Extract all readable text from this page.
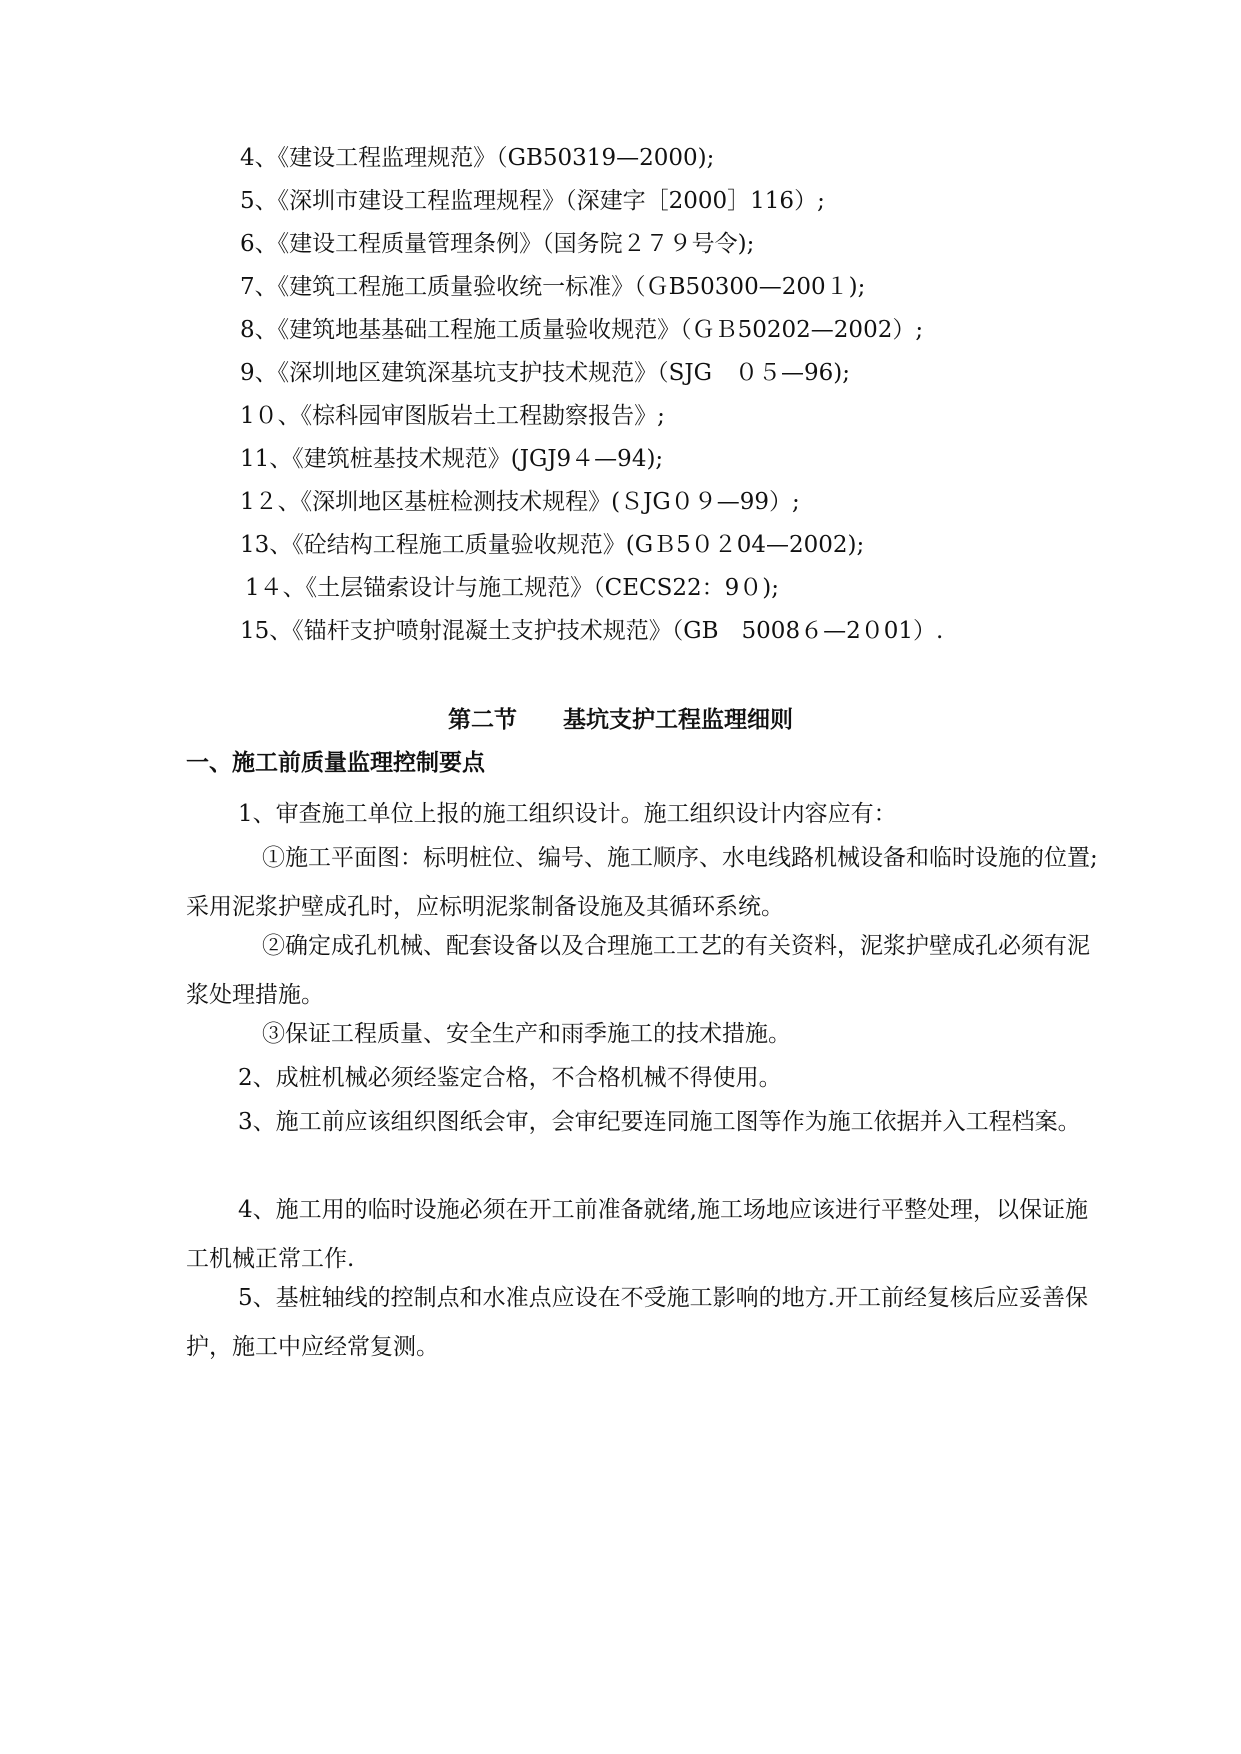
4、《建设工程监理规范》（GB50319—2000);
5、《深圳市建设工程监理规程》（深建字［2000］116）;
6、《建设工程质量管理条例》（国务院２７９号令);
7、《建筑工程施工质量验收统一标准》（ＧB50300—200１);
8、《建筑地基基础工程施工质量验收规范》（ＧＢ50202—2002）;
9、《深圳地区建筑深基坑支护技术规范》（SJG　０５—96);
1０、《棕科园审图版岩土工程勘察报告》;
11、《建筑桩基技术规范》(JGJ9４—94);
1２、《深圳地区基桩检测技术规程》(ＳJG０９—99）;
13、《砼结构工程施工质量验收规范》(GＢ5０２04—2002);
1４、《土层锚索设计与施工规范》（CECS22：9０);
15、《锚杆支护喷射混凝土支护技术规范》（GB　5008６—2０01）.
第二节　　基坑支护工程监理细则
一、施工前质量监理控制要点
1、审查施工单位上报的施工组织设计。施工组织设计内容应有：
①施工平面图：标明桩位、编号、施工顺序、水电线路机械设备和临时设施的位置;采用泥浆护壁成孔时，应标明泥浆制备设施及其循环系统。
②确定成孔机械、配套设备以及合理施工工艺的有关资料，泥浆护壁成孔必须有泥浆处理措施。
③保证工程质量、安全生产和雨季施工的技术措施。
2、成桩机械必须经鉴定合格，不合格机械不得使用。
3、施工前应该组织图纸会审，会审纪要连同施工图等作为施工依据并入工程档案。
4、施工用的临时设施必须在开工前准备就绪,施工场地应该进行平整处理，以保证施工机械正常工作.
5、基桩轴线的控制点和水准点应设在不受施工影响的地方.开工前经复核后应妥善保护，施工中应经常复测。
